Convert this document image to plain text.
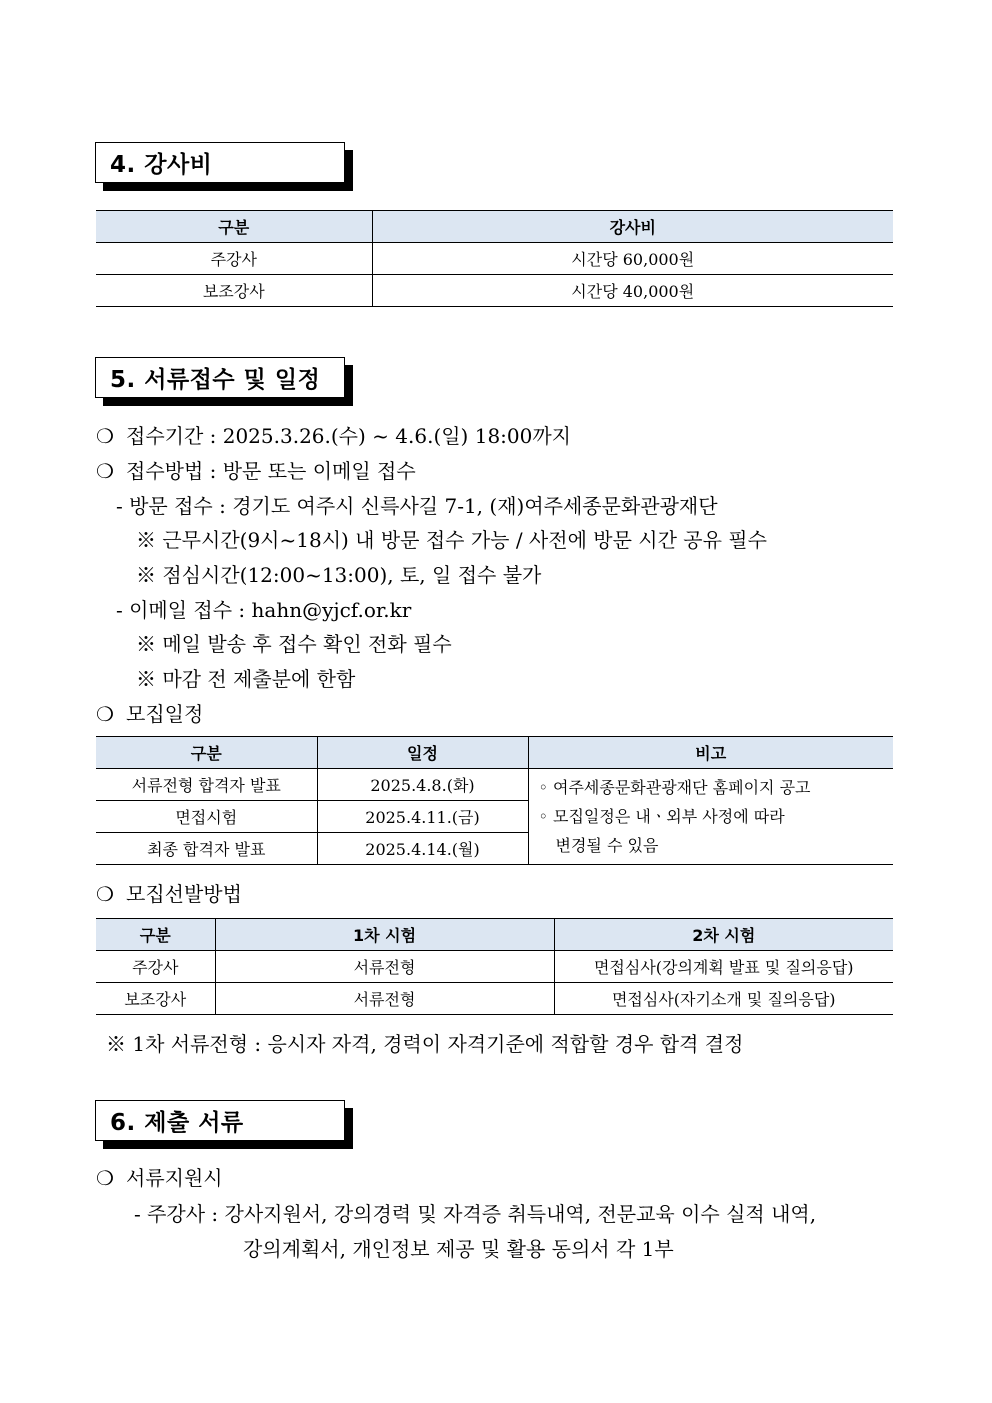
4. 강사비
구분	강사비
주강사	시간당 60,000원
보조강사	시간당 40,000원
5. 서류접수 및 일정
❍ 접수기간 : 2025.3.26.(수) ~ 4.6.(일) 18:00까지
❍ 접수방법 : 방문 또는 이메일 접수
- 방문 접수 : 경기도 여주시 신륵사길 7-1, (재)여주세종문화관광재단
※ 근무시간(9시~18시) 내 방문 접수 가능 / 사전에 방문 시간 공유 필수
※ 점심시간(12:00~13:00), 토, 일 접수 불가
- 이메일 접수 : hahn@yjcf.or.kr
※ 메일 발송 후 접수 확인 전화 필수
※ 마감 전 제출분에 한함
❍ 모집일정
구분	일정	비고
서류전형 합격자 발표	2025.4.8.(화)	◦ 여주세종문화관광재단 홈페이지 공고
◦ 모집일정은 내ㆍ외부 사정에 따라
변경될 수 있음

면접시험	2025.4.11.(금)	
최종 합격자 발표	2025.4.14.(월)	
❍ 모집선발방법
구분	1차 시험	2차 시험
주강사	서류전형	면접심사(강의계획 발표 및 질의응답)
보조강사	서류전형	면접심사(자기소개 및 질의응답)
※ 1차 서류전형 : 응시자 자격, 경력이 자격기준에 적합할 경우 합격 결정
6. 제출 서류
❍ 서류지원시
- 주강사 : 강사지원서, 강의경력 및 자격증 취득내역, 전문교육 이수 실적 내역,
강의계획서, 개인정보 제공 및 활용 동의서 각 1부
